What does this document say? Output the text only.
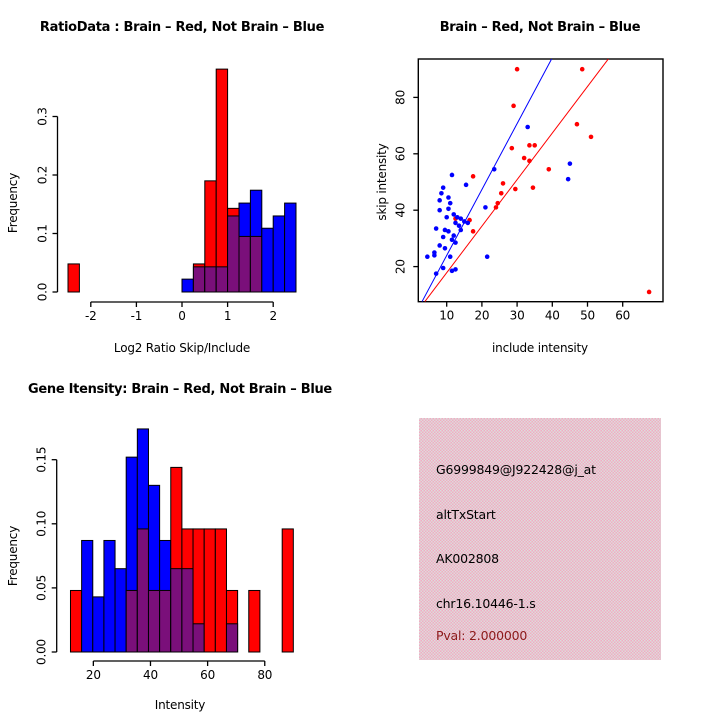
RatioData : Brain – Red, Not Brain – Blue
Log2 Ratio Skip/Include
Frequency
-2	-1	0	1	2
0.0
0.1
0.2
0.3
Brain – Red, Not Brain – Blue
include intensity
skip intensity
10 20 30 40 50 60
20
40
60
80
Gene Itensity: Brain – Red, Not Brain – Blue
Intensity
Frequency
20	40	60	80
0.00
0.05
0.10
0.15	G6999849@J922428@j_at
altTxStart
AK002808
chr16.10446-1.s
Pval: 2.000000
